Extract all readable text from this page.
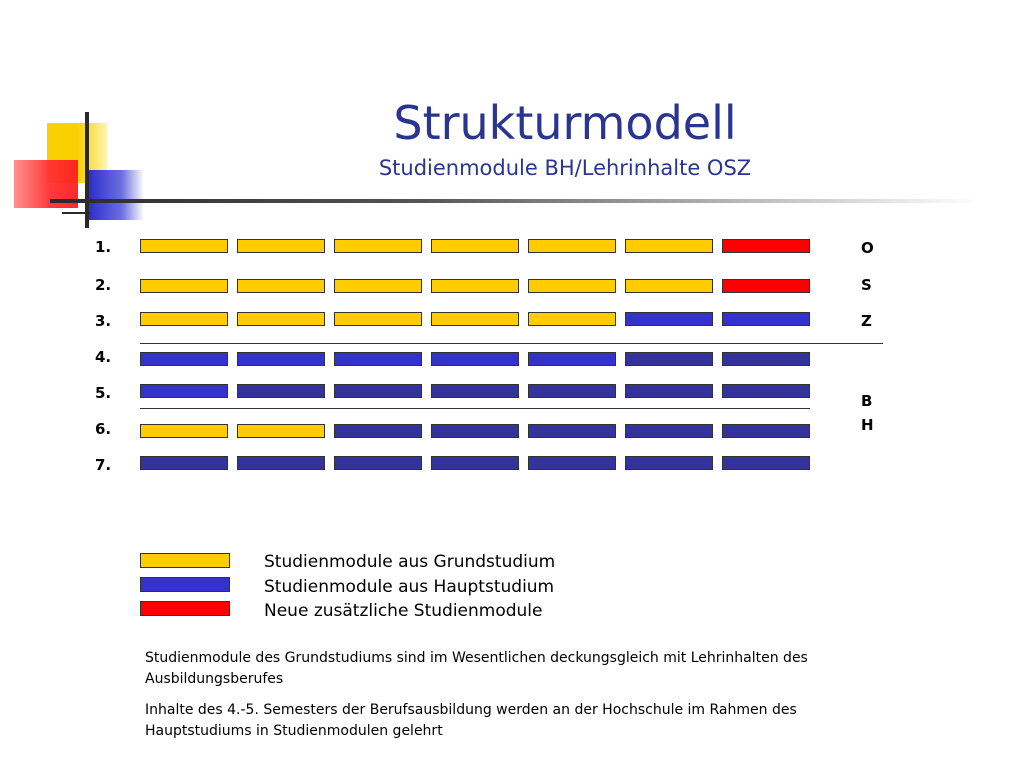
Strukturmodell
Studienmodule BH/Lehrinhalte OSZ
1.
2.
3.
4.
5.
6.
7.
O
S
Z
B
H
Studienmodule aus Grundstudium
Studienmodule aus Hauptstudium
Neue zusätzliche Studienmodule
Studienmodule des Grundstudiums sind im Wesentlichen deckungsgleich mit Lehrinhalten des Ausbildungsberufes
Inhalte des 4.-5. Semesters der Berufsausbildung werden an der Hochschule im Rahmen des Hauptstudiums in Studienmodulen gelehrt
